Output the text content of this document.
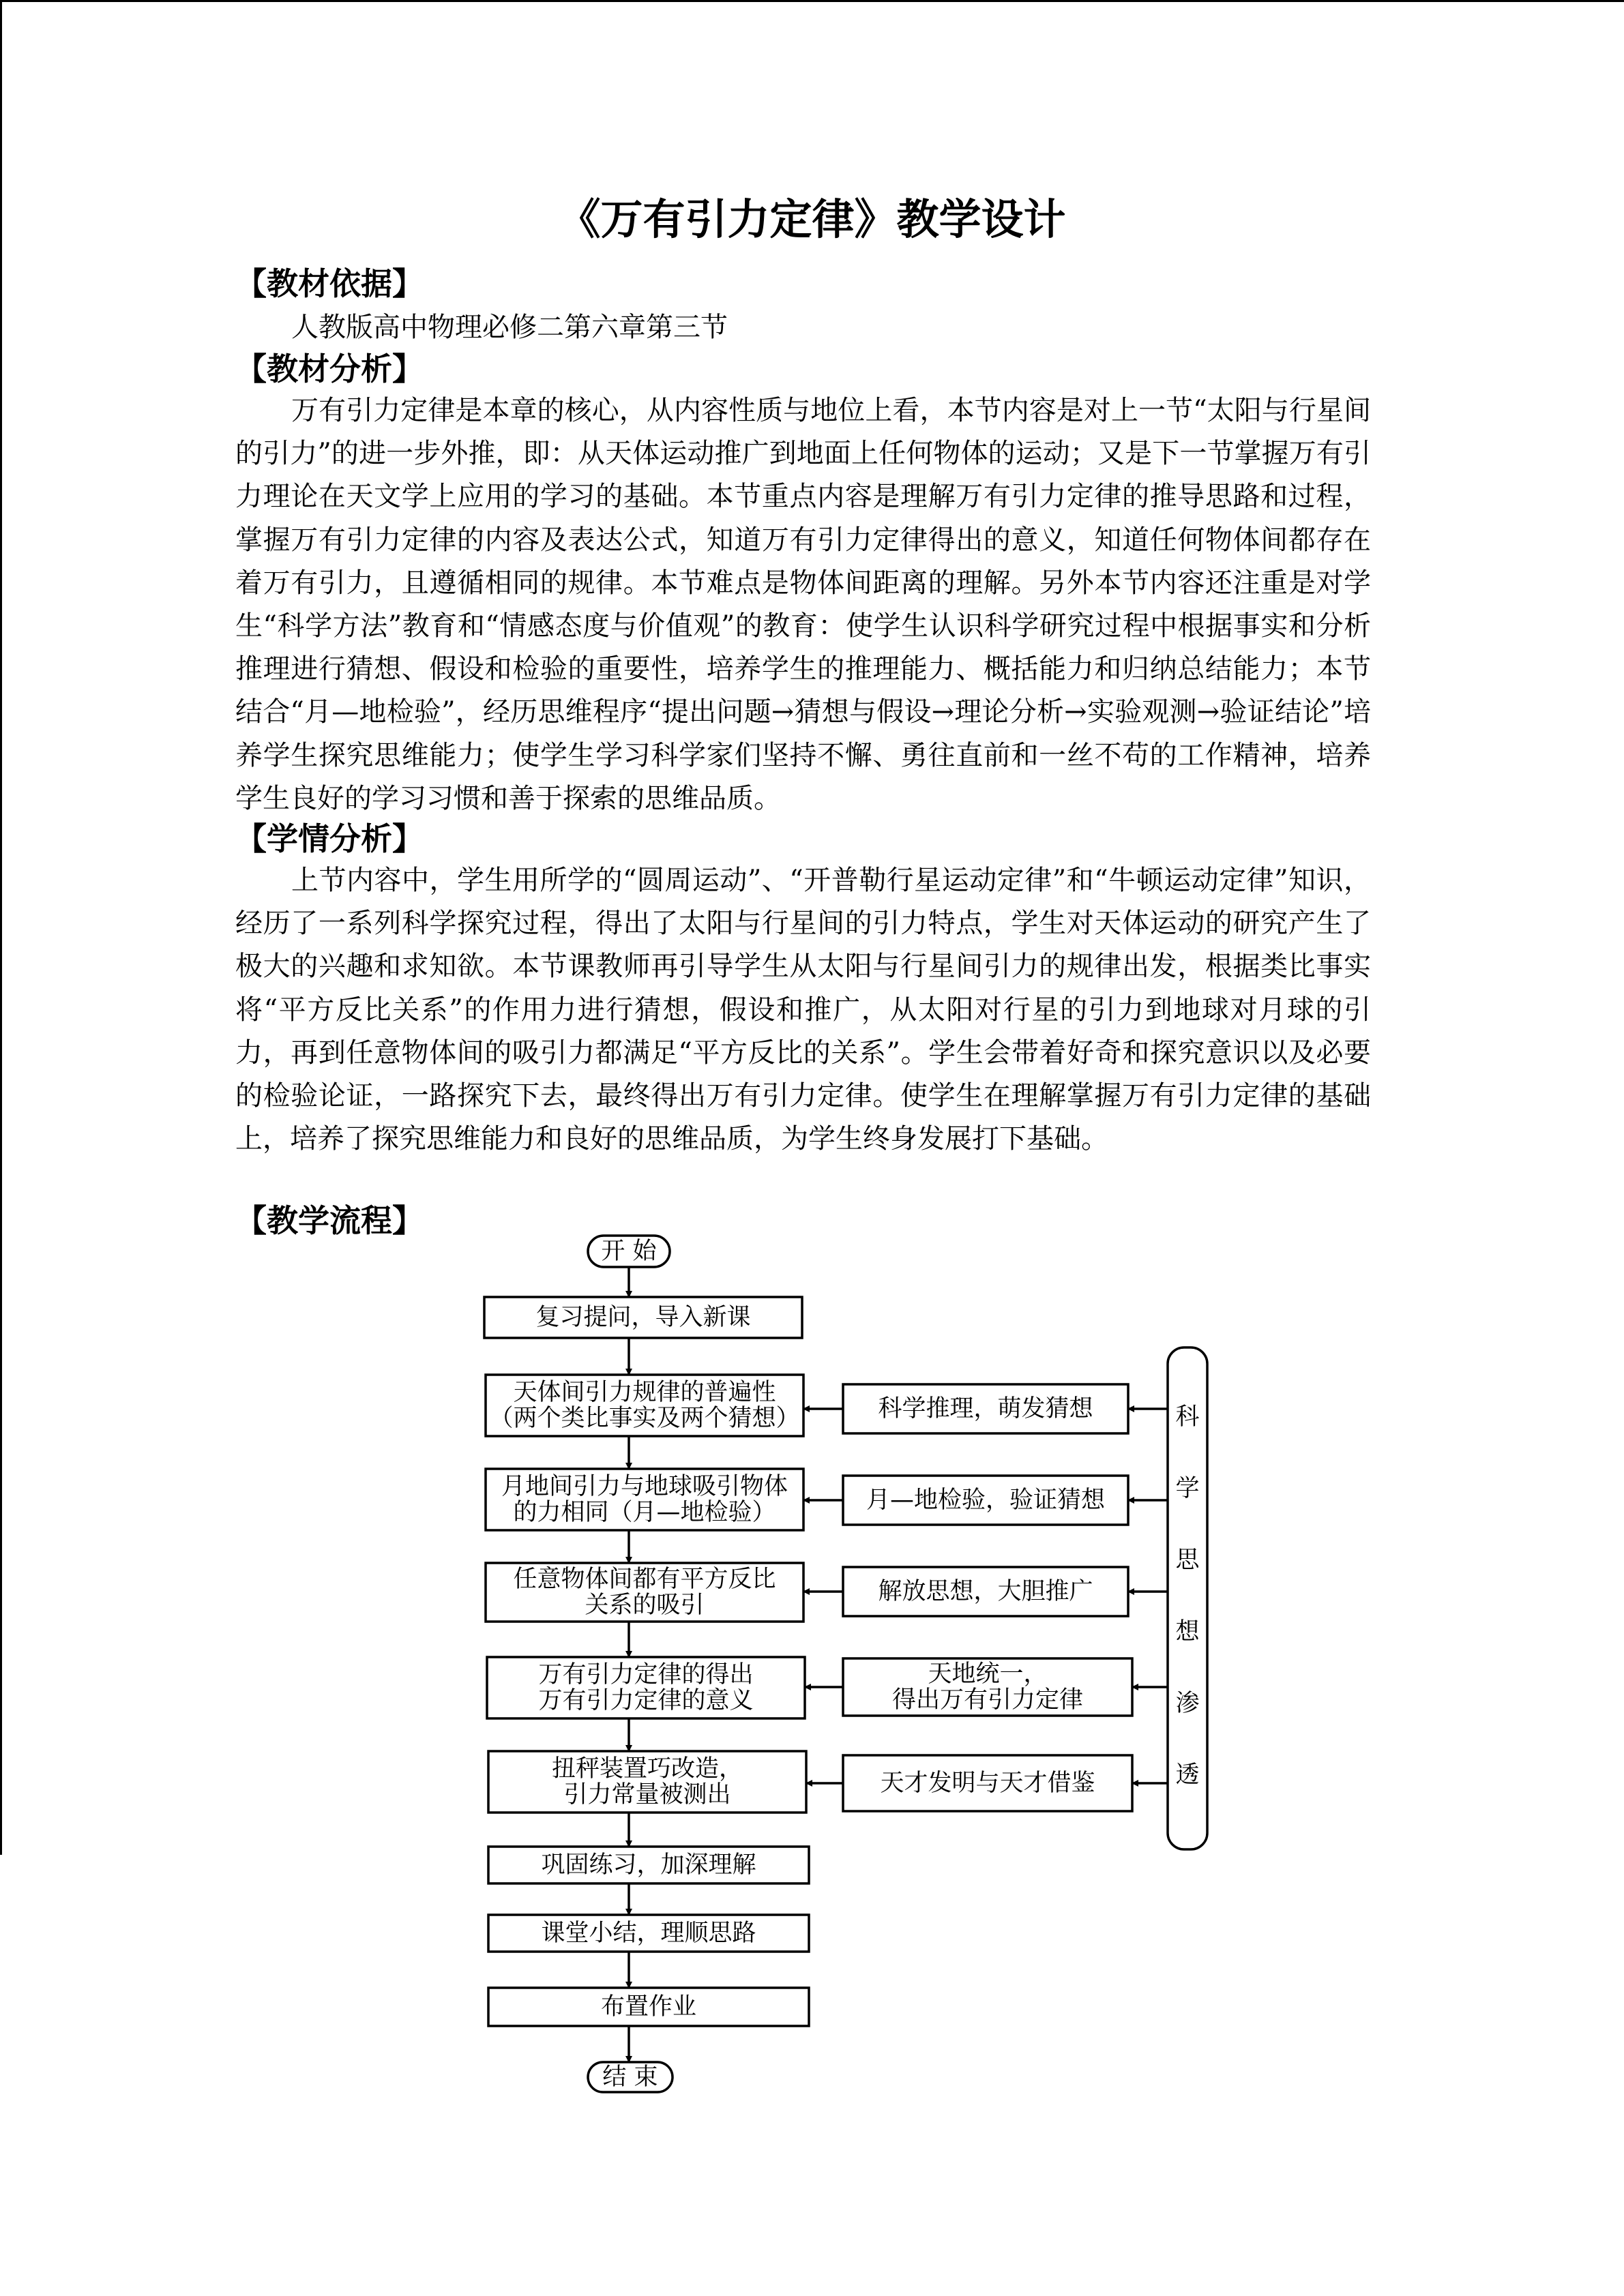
《万有引力定律》教学设计
【教材依据】

人教版高中物理必修二第六章第三节

【教材分析】

万有引力定律是本章的核心，从内容性质与地位上看，本节内容是对上一节“太阳与行星间的引力”的进一步外推，即：从天体运动推广到地面上任何物体的运动；又是下一节掌握万有引力理论在天文学上应用的学习的基础。本节重点内容是理解万有引力定律的推导思路和过程，掌握万有引力定律的内容及表达公式，知道万有引力定律得出的意义，知道任何物体间都存在着万有引力，且遵循相同的规律。本节难点是物体间距离的理解。另外本节内容还注重是对学生“科学方法”教育和“情感态度与价值观”的教育：使学生认识科学研究过程中根据事实和分析推理进行猜想、假设和检验的重要性，培养学生的推理能力、概括能力和归纳总结能力；本节结合“月—地检验”，经历思维程序“提出问题→猜想与假设→理论分析→实验观测→验证结论”培养学生探究思维能力；使学生学习科学家们坚持不懈、勇往直前和一丝不苟的工作精神，培养学生良好的学习习惯和善于探索的思维品质。

【学情分析】

上节内容中，学生用所学的“圆周运动”、“开普勒行星运动定律”和“牛顿运动定律”知识，经历了一系列科学探究过程，得出了太阳与行星间的引力特点，学生对天体运动的研究产生了极大的兴趣和求知欲。本节课教师再引导学生从太阳与行星间引力的规律出发，根据类比事实将“平方反比关系”的作用力进行猜想，假设和推广，从太阳对行星的引力到地球对月球的引力，再到任意物体间的吸引力都满足“平方反比的关系”。学生会带着好奇和探究意识以及必要的检验论证，一路探究下去，最终得出万有引力定律。使学生在理解掌握万有引力定律的基础上，培养了探究思维能力和良好的思维品质，为学生终身发展打下基础。

【教学流程】
开 始
结 束
复习提问，导入新课
天体间引力规律的普遍性
（两个类比事实及两个猜想）
月地间引力与地球吸引物体
的力相同（月—地检验）
任意物体间都有平方反比
关系的吸引
万有引力定律的得出
万有引力定律的意义
扭秤装置巧改造，
引力常量被测出
巩固练习，加深理解
课堂小结，理顺思路
布置作业
科学推理，萌发猜想
月—地检验，验证猜想
解放思想，大胆推广
天地统一，
得出万有引力定律
天才发明与天才借鉴
科
学
思
想
渗
透
